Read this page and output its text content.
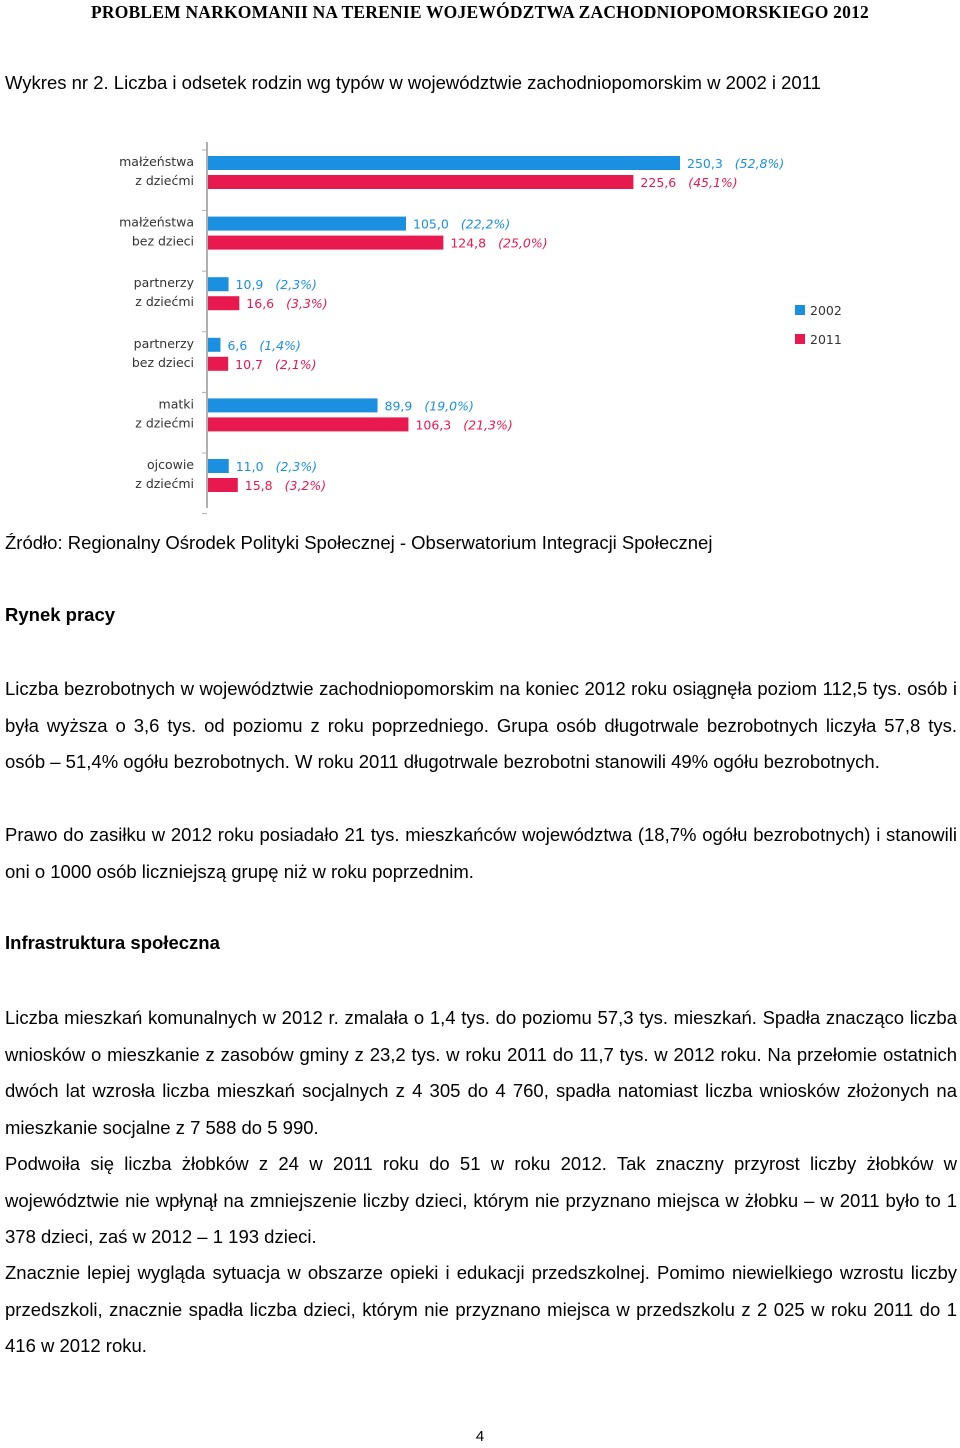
PROBLEM NARKOMANII NA TERENIE WOJEWÓDZTWA ZACHODNIOPOMORSKIEGO 2012
Wykres nr 2. Liczba i odsetek rodzin wg typów w województwie zachodniopomorskim w 2002 i 2011
małżeństwa z dziećmi
250,3 (52,8%)
225,6 (45,1%)
małżeństwa bez dzieci
105,0 (22,2%)
124,8 (25,0%)
partnerzy z dziećmi
10,9 (2,3%)
16,6 (3,3%)
partnerzy bez dzieci
6,6 (1,4%)
10,7 (2,1%)
matki z dziećmi
89,9 (19,0%)
106,3 (21,3%)
ojcowie z dziećmi
11,0 (2,3%)
15,8 (3,2%)
2002
2011
Źródło: Regionalny Ośrodek Polityki Społecznej - Obserwatorium Integracji Społecznej
Rynek pracy

Liczba bezrobotnych w województwie zachodniopomorskim na koniec 2012 roku osiągnęła poziom 112,5 tys. osób i była wyższa o 3,6 tys. od poziomu z roku poprzedniego. Grupa osób długotrwale bezrobotnych liczyła 57,8 tys. osób – 51,4% ogółu bezrobotnych. W roku 2011 długotrwale bezrobotni stanowili 49% ogółu bezrobotnych.

Prawo do zasiłku w 2012 roku posiadało 21 tys. mieszkańców województwa (18,7% ogółu bezrobotnych) i stanowili oni o 1000 osób liczniejszą grupę niż w roku poprzednim.

Infrastruktura społeczna

Liczba mieszkań komunalnych w 2012 r. zmalała o 1,4 tys. do poziomu 57,3 tys. mieszkań. Spadła znacząco liczba wniosków o mieszkanie z zasobów gminy z 23,2 tys. w roku 2011 do 11,7 tys. w 2012 roku. Na przełomie ostatnich dwóch lat wzrosła liczba mieszkań socjalnych z 4 305 do 4 760, spadła natomiast liczba wniosków złożonych na mieszkanie socjalne z 7 588 do 5 990.

Podwoiła się liczba żłobków z 24 w 2011 roku do 51 w roku 2012. Tak znaczny przyrost liczby żłobków w województwie nie wpłynął na zmniejszenie liczby dzieci, którym nie przyznano miejsca w żłobku – w 2011 było to 1 378 dzieci, zaś w 2012 – 1 193 dzieci.

Znacznie lepiej wygląda sytuacja w obszarze opieki i edukacji przedszkolnej. Pomimo niewielkiego wzrostu liczby przedszkoli, znacznie spadła liczba dzieci, którym nie przyznano miejsca w przedszkolu z 2 025 w roku 2011 do 1 416 w 2012 roku.

4
